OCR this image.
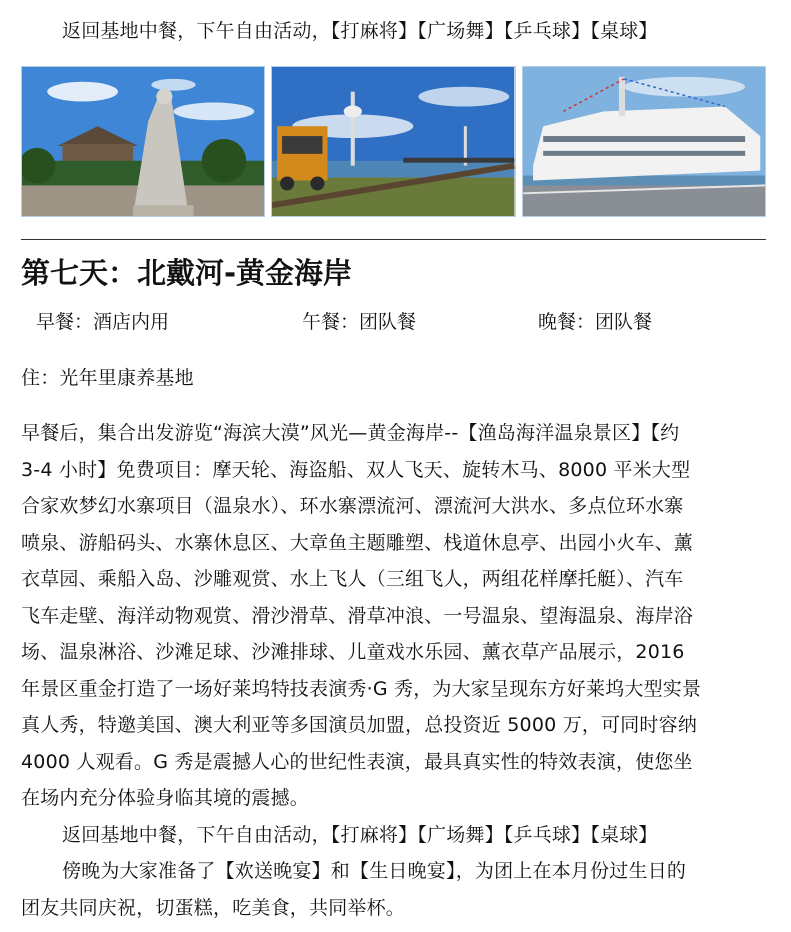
返回基地中餐，下午自由活动，【打麻将】【广场舞】【乒乓球】【桌球】
第七天：北戴河-黄金海岸
早餐：酒店内用	午餐：团队餐	晚餐：团队餐
住：光年里康养基地
早餐后，集合出发游览“海滨大漠”风光—黄金海岸--【渔岛海洋温泉景区】【约
3-4 小时】免费项目：摩天轮、海盗船、双人飞天、旋转木马、8000 平米大型
合家欢梦幻水寨项目（温泉水）、环水寨漂流河、漂流河大洪水、多点位环水寨
喷泉、游船码头、水寨休息区、大章鱼主题雕塑、栈道休息亭、出园小火车、薰
衣草园、乘船入岛、沙雕观赏、水上飞人（三组飞人，两组花样摩托艇）、汽车
飞车走壁、海洋动物观赏、滑沙滑草、滑草冲浪、一号温泉、望海温泉、海岸浴
场、温泉淋浴、沙滩足球、沙滩排球、儿童戏水乐园、薰衣草产品展示，2016
年景区重金打造了一场好莱坞特技表演秀·G 秀，为大家呈现东方好莱坞大型实景
真人秀，特邀美国、澳大利亚等多国演员加盟，总投资近 5000 万，可同时容纳
4000 人观看。G 秀是震撼人心的世纪性表演，最具真实性的特效表演，使您坐
在场内充分体验身临其境的震撼。
返回基地中餐，下午自由活动，【打麻将】【广场舞】【乒乓球】【桌球】
傍晚为大家准备了【欢送晚宴】和【生日晚宴】，为团上在本月份过生日的
团友共同庆祝，切蛋糕，吃美食，共同举杯。
